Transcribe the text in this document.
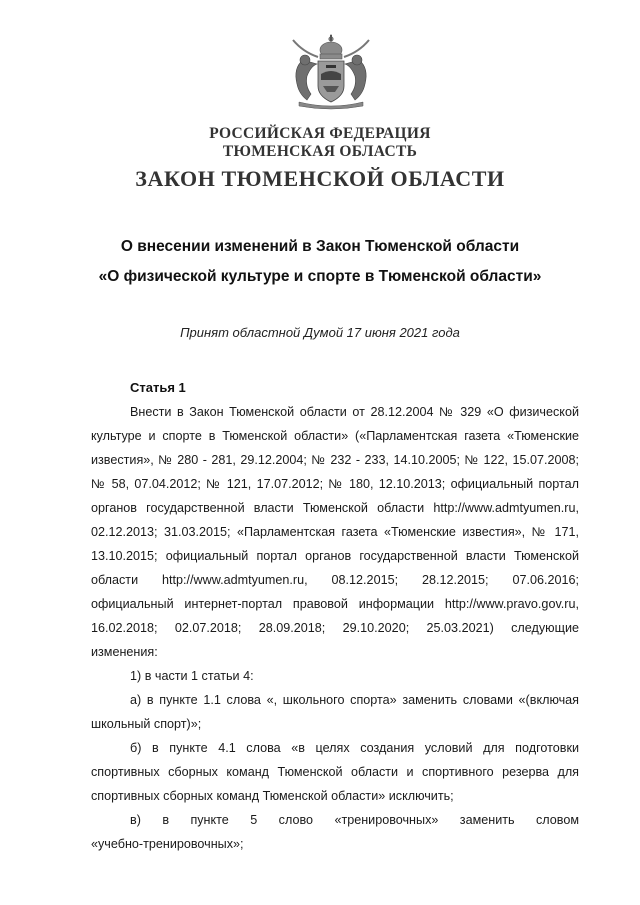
РОССИЙСКАЯ ФЕДЕРАЦИЯ
ТЮМЕНСКАЯ ОБЛАСТЬ
ЗАКОН ТЮМЕНСКОЙ ОБЛАСТИ
О внесении изменений в Закон Тюменской области
«О физической культуре и спорте в Тюменской области»
Принят областной Думой 17 июня 2021 года
Статья 1
Внести в Закон Тюменской области от 28.12.2004 № 329 «О физической
культуре и спорте в Тюменской области» («Парламентская газета «Тюменские
известия», № 280 - 281, 29.12.2004; № 232 - 233, 14.10.2005; № 122, 15.07.2008;
№ 58, 07.04.2012; № 121, 17.07.2012; № 180, 12.10.2013; официальный портал
органов государственной власти Тюменской области http://www.admtyumen.ru,
02.12.2013; 31.03.2015; «Парламентская газета «Тюменские известия», № 171,
13.10.2015; официальный портал органов государственной власти Тюменской
области http://www.admtyumen.ru, 08.12.2015; 28.12.2015; 07.06.2016;
официальный интернет-портал правовой информации http://www.pravo.gov.ru,
16.02.2018; 02.07.2018; 28.09.2018; 29.10.2020; 25.03.2021) следующие
изменения:
1) в части 1 статьи 4:
а) в пункте 1.1 слова «, школьного спорта» заменить словами «(включая
школьный спорт)»;
б) в пункте 4.1 слова «в целях создания условий для подготовки
спортивных сборных команд Тюменской области и спортивного резерва для
спортивных сборных команд Тюменской области» исключить;
в) в пункте 5 слово «тренировочных» заменить словом
«учебно-тренировочных»;
